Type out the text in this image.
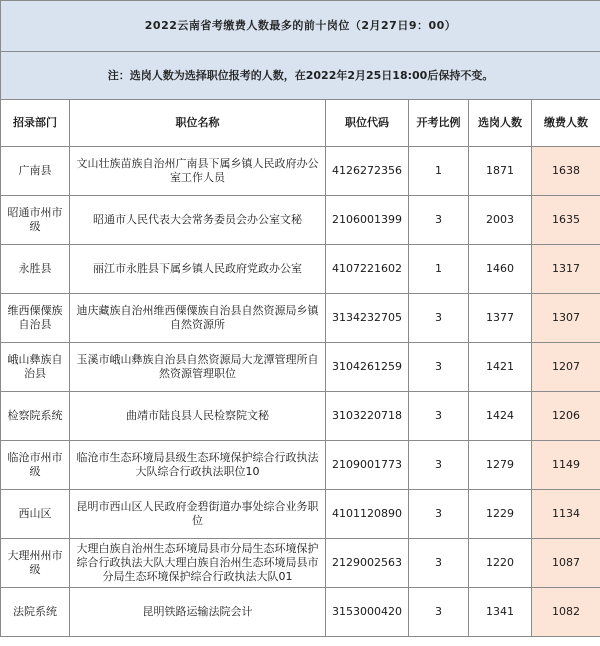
2022云南省考缴费人数最多的前十岗位（2月27日9：00）					
注：选岗人数为选择职位报考的人数，在2022年2月25日18:00后保持不变。					
招录部门	职位名称	职位代码	开考比例	选岗人数	缴费人数
广南县	文山壮族苗族自治州广南县下属乡镇人民政府办公室工作人员	4126272356	1	1871	1638
昭通市州市级	昭通市人民代表大会常务委员会办公室文秘	2106001399	3	2003	1635
永胜县	丽江市永胜县下属乡镇人民政府党政办公室	4107221602	1	1460	1317
维西傈僳族自治县	迪庆藏族自治州维西傈僳族自治县自然资源局乡镇自然资源所	3134232705	3	1377	1307
峨山彝族自治县	玉溪市峨山彝族自治县自然资源局大龙潭管理所自然资源管理职位	3104261259	3	1421	1207
检察院系统	曲靖市陆良县人民检察院文秘	3103220718	3	1424	1206
临沧市州市级	临沧市生态环境局县级生态环境保护综合行政执法大队综合行政执法职位10	2109001773	3	1279	1149
西山区	昆明市西山区人民政府金碧街道办事处综合业务职位	4101120890	3	1229	1134
大理州州市级	大理白族自治州生态环境局县市分局生态环境保护综合行政执法大队大理白族自治州生态环境局县市分局生态环境保护综合行政执法大队01	2129002563	3	1220	1087
法院系统	昆明铁路运输法院会计	3153000420	3	1341	1082
